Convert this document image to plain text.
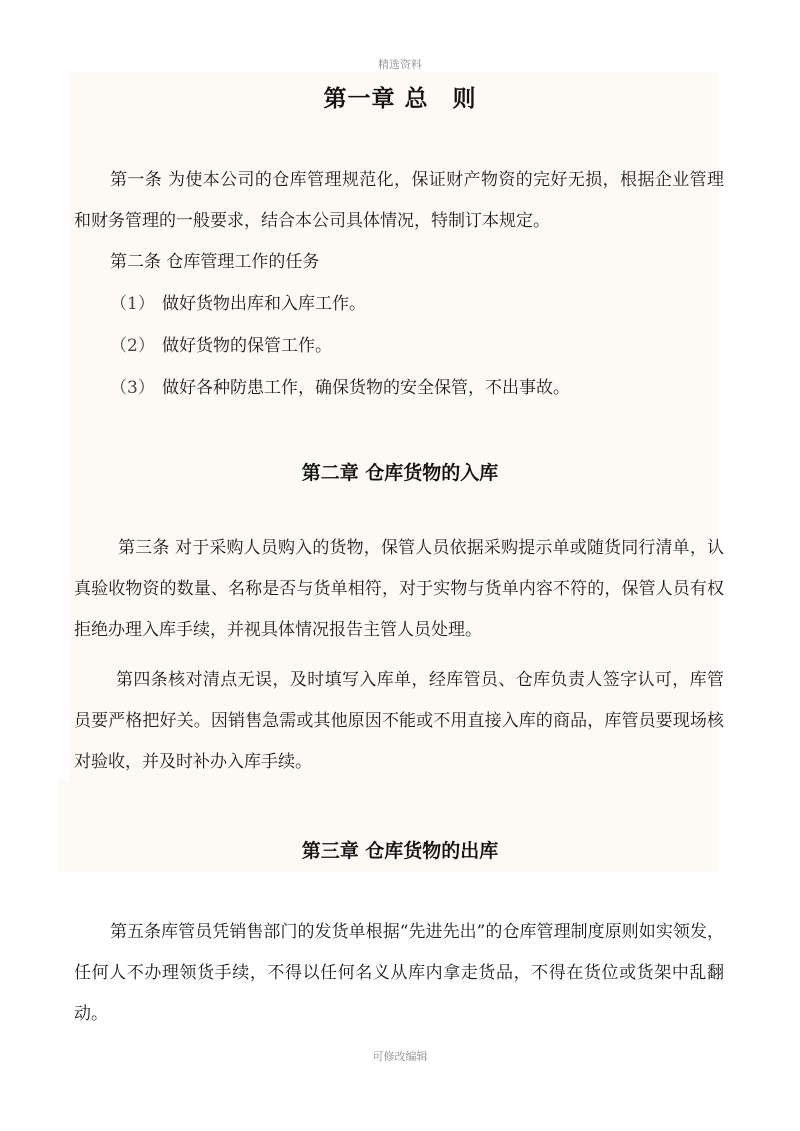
精选资料
第一章 总　则

第一条 为使本公司的仓库管理规范化，保证财产物资的完好无损，根据企业管理和财务管理的一般要求，结合本公司具体情况，特制订本规定。

第二条 仓库管理工作的任务

（1） 做好货物出库和入库工作。
（2） 做好货物的保管工作。
（3） 做好各种防患工作，确保货物的安全保管，不出事故。
第二章 仓库货物的入库

第三条 对于采购人员购入的货物，保管人员依据采购提示单或随货同行清单，认真验收物资的数量、名称是否与货单相符，对于实物与货单内容不符的，保管人员有权拒绝办理入库手续，并视具体情况报告主管人员处理。

第四条核对清点无误，及时填写入库单，经库管员、仓库负责人签字认可，库管员要严格把好关。因销售急需或其他原因不能或不用直接入库的商品，库管员要现场核对验收，并及时补办入库手续。

第三章 仓库货物的出库

第五条库管员凭销售部门的发货单根据“先进先出”的仓库管理制度原则如实领发， 任何人不办理领货手续，不得以任何名义从库内拿走货品，不得在货位或货架中乱翻动。

可修改编辑
